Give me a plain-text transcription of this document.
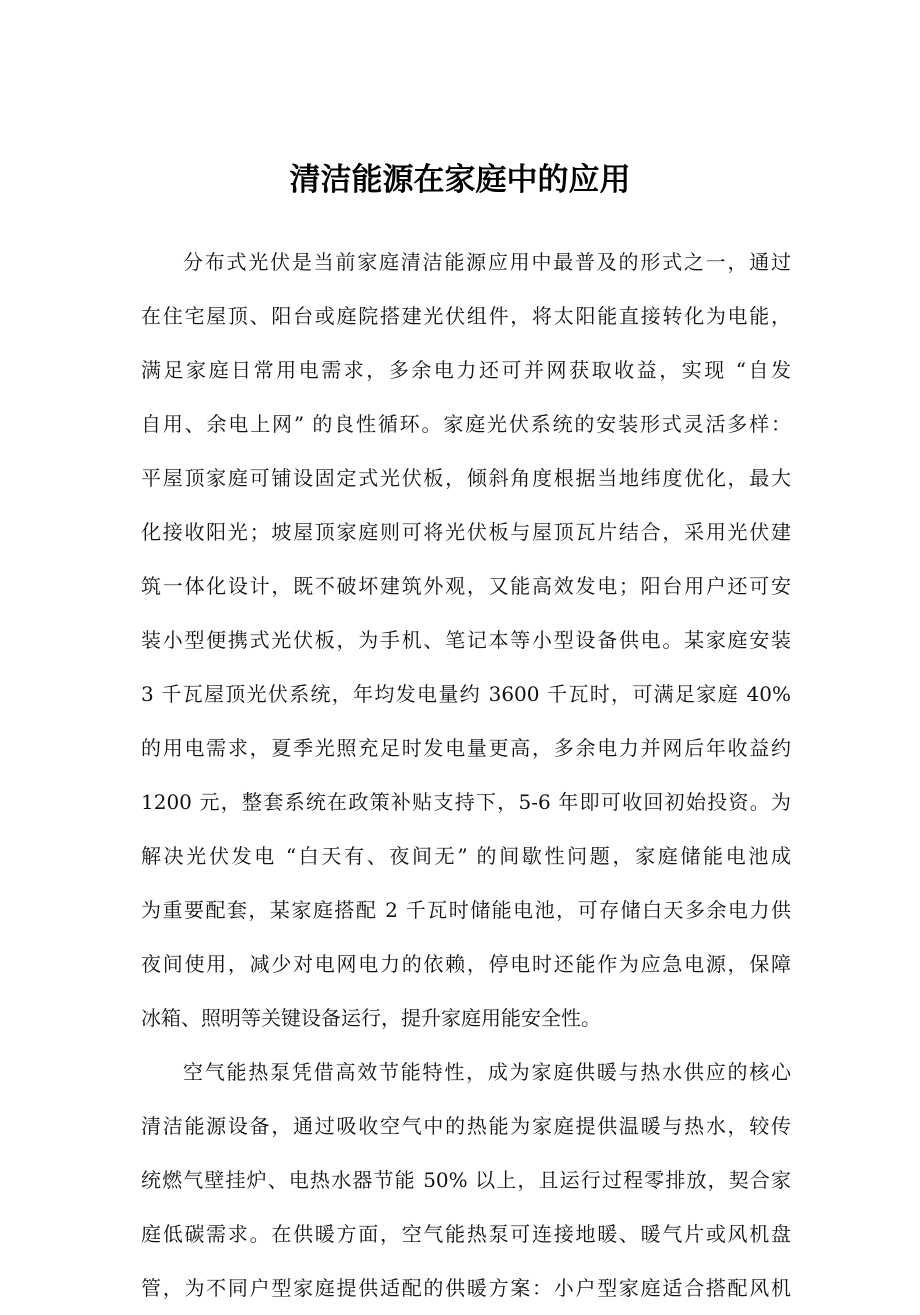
清洁能源在家庭中的应用
分布式光伏是当前家庭清洁能源应用中最普及的形式之一，通过
在住宅屋顶、阳台或庭院搭建光伏组件，将太阳能直接转化为电能，
满足家庭日常用电需求，多余电力还可并网获取收益，实现 “自发
自用、余电上网” 的良性循环。家庭光伏系统的安装形式灵活多样：
平屋顶家庭可铺设固定式光伏板，倾斜角度根据当地纬度优化，最大
化接收阳光；坡屋顶家庭则可将光伏板与屋顶瓦片结合，采用光伏建
筑一体化设计，既不破坏建筑外观，又能高效发电；阳台用户还可安
装小型便携式光伏板，为手机、笔记本等小型设备供电。某家庭安装
3 千瓦屋顶光伏系统，年均发电量约 3600 千瓦时，可满足家庭 40%
的用电需求，夏季光照充足时发电量更高，多余电力并网后年收益约
1200 元，整套系统在政策补贴支持下，5-6 年即可收回初始投资。为
解决光伏发电 “白天有、夜间无” 的间歇性问题，家庭储能电池成
为重要配套，某家庭搭配 2 千瓦时储能电池，可存储白天多余电力供
夜间使用，减少对电网电力的依赖，停电时还能作为应急电源，保障
冰箱、照明等关键设备运行，提升家庭用能安全性。
空气能热泵凭借高效节能特性，成为家庭供暖与热水供应的核心
清洁能源设备，通过吸收空气中的热能为家庭提供温暖与热水，较传
统燃气壁挂炉、电热水器节能 50% 以上，且运行过程零排放，契合家
庭低碳需求。在供暖方面，空气能热泵可连接地暖、暖气片或风机盘
管，为不同户型家庭提供适配的供暖方案：小户型家庭适合搭配风机
